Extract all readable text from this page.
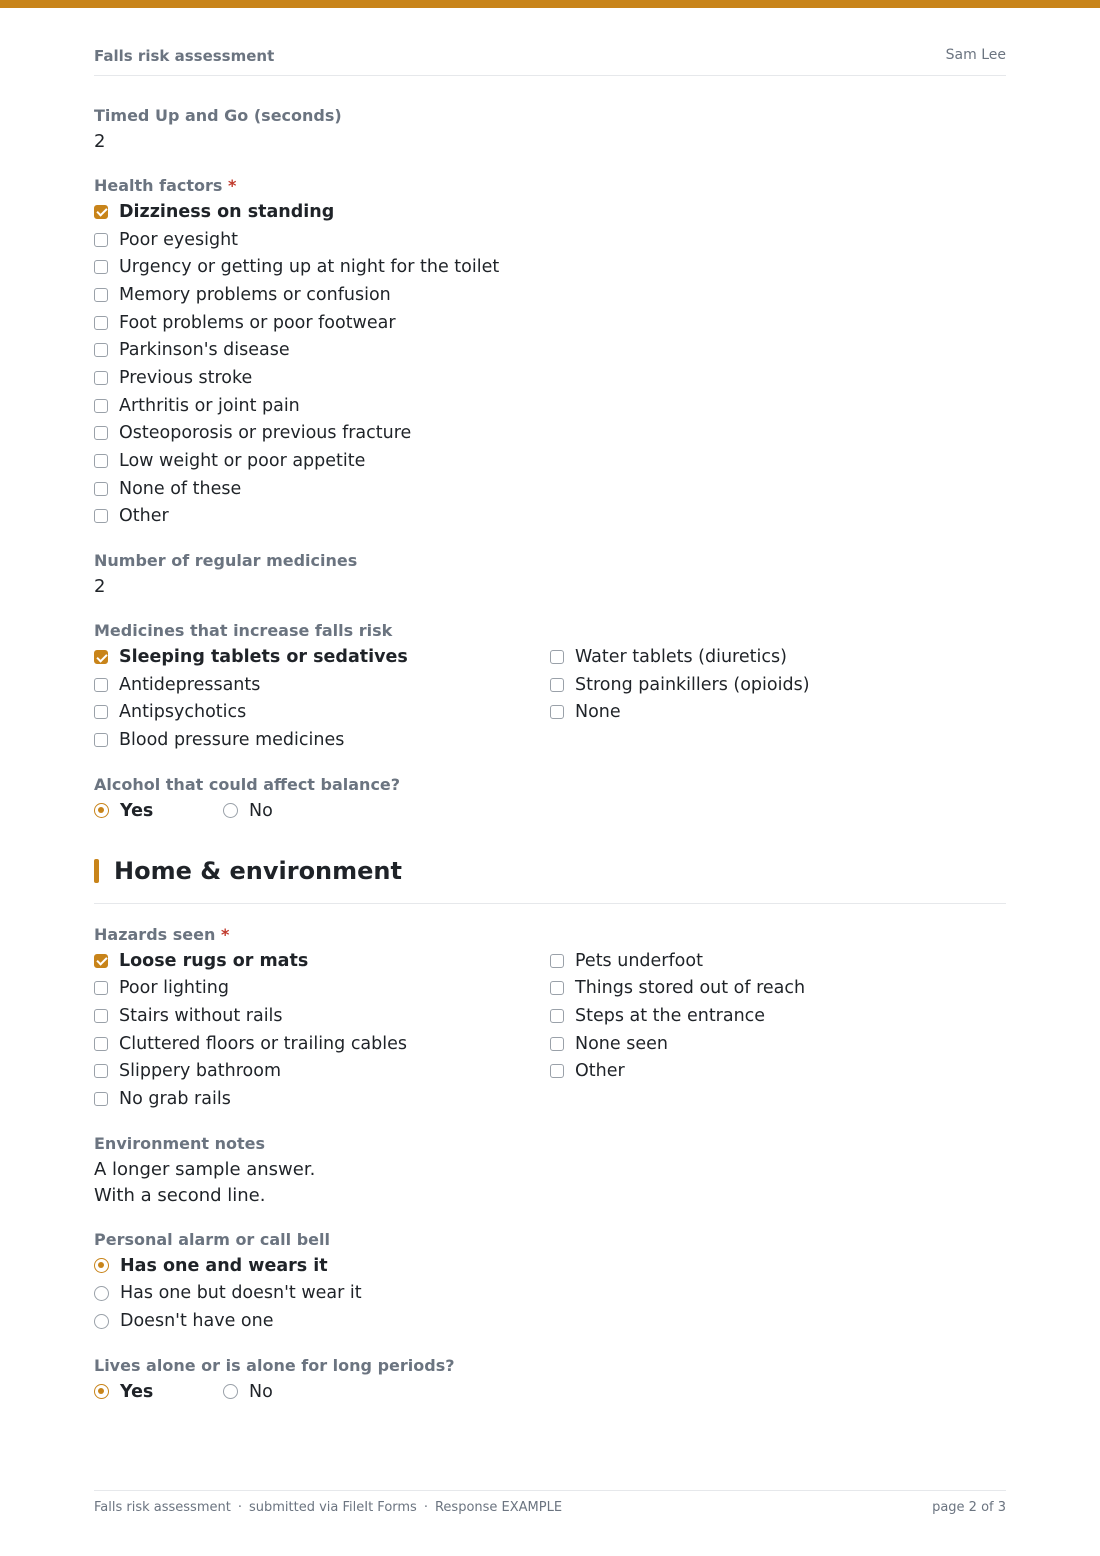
Falls risk assessment	Sam Lee
Timed Up and Go (seconds)
2
Health factors *
Dizziness on standing
Poor eyesight
Urgency or getting up at night for the toilet
Memory problems or confusion
Foot problems or poor footwear
Parkinson's disease
Previous stroke
Arthritis or joint pain
Osteoporosis or previous fracture
Low weight or poor appetite
None of these
Other
Number of regular medicines
2
Medicines that increase falls risk
Sleeping tablets or sedatives
Antidepressants
Antipsychotics
Blood pressure medicines
Water tablets (diuretics)
Strong painkillers (opioids)
None
Alcohol that could affect balance?
Yes	No
Home & environment
Hazards seen *
Loose rugs or mats
Poor lighting
Stairs without rails
Cluttered floors or trailing cables
Slippery bathroom
No grab rails
Pets underfoot
Things stored out of reach
Steps at the entrance
None seen
Other
Environment notes
A longer sample answer.
With a second line.
Personal alarm or call bell
Has one and wears it
Has one but doesn't wear it
Doesn't have one
Lives alone or is alone for long periods?
Yes	No
Falls risk assessment · submitted via FileIt Forms · Response EXAMPLE	page 2 of 3
